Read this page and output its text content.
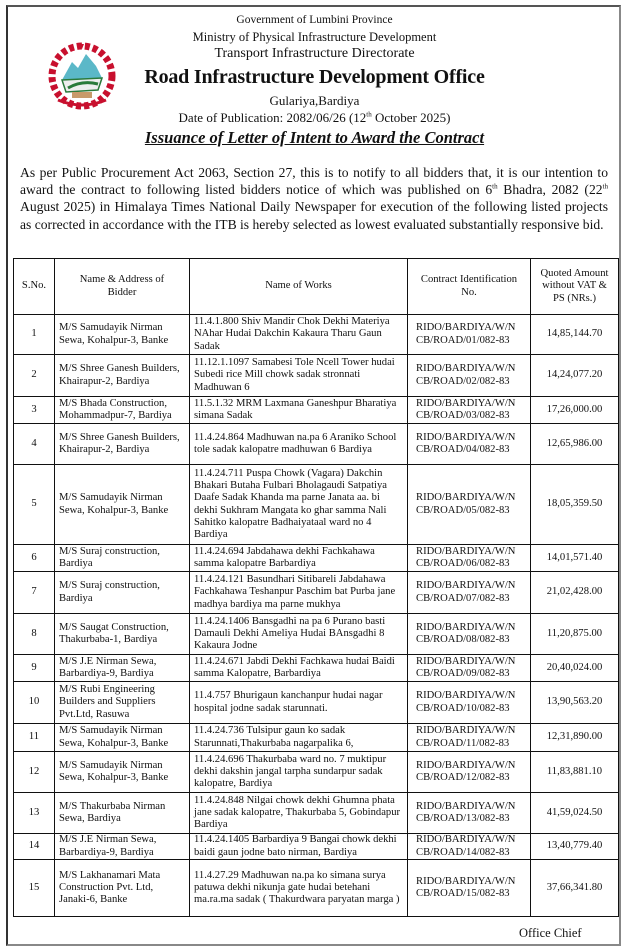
Government of Lumbini Province
Ministry of Physical Infrastructure Development
Transport Infrastructure Directorate
Road Infrastructure Development Office
Gulariya,Bardiya
Date of Publication: 2082/06/26 (12th October 2025)
Issuance of Letter of Intent to Award the Contract
As per Public Procurement Act 2063, Section 27, this is to notify to all bidders that, it is our intention to award the contract to following listed bidders notice of which was published on 6th Bhadra, 2082 (22th August 2025) in Himalaya Times National Daily Newspaper for execution of the following listed projects as corrected in accordance with the ITB is hereby selected as lowest evaluated substantially responsive bid.
S.No.	Name & Address of Bidder	Name of Works	Contract Identification No.	Quoted Amount without VAT & PS (NRs.)
1	M/S Samudayik Nirman Sewa, Kohalpur-3, Banke	11.4.1.800 Shiv Mandir Chok Dekhi Materiya NAhar Hudai Dakchin Kakaura Tharu Gaun Sadak	RIDO/BARDIYA/W/N CB/ROAD/01/082-83	14,85,144.70
2	M/S Shree Ganesh Builders, Khairapur-2, Bardiya	11.12.1.1097 Samabesi Tole Ncell Tower hudai Subedi rice Mill chowk sadak stronnati Madhuwan 6	RIDO/BARDIYA/W/N CB/ROAD/02/082-83	14,24,077.20
3	M/S Bhada Construction, Mohammadpur-7, Bardiya	11.5.1.32 MRM Laxmana Ganeshpur Bharatiya simana Sadak	RIDO/BARDIYA/W/N CB/ROAD/03/082-83	17,26,000.00
4	M/S Shree Ganesh Builders, Khairapur-2, Bardiya	11.4.24.864 Madhuwan na.pa 6 Araniko School tole sadak kalopatre madhuwan 6 Bardiya	RIDO/BARDIYA/W/N CB/ROAD/04/082-83	12,65,986.00
5	M/S Samudayik Nirman Sewa, Kohalpur-3, Banke	11.4.24.711 Puspa Chowk (Vagara) Dakchin Bhakari Butaha Fulbari Bholagaudi Satpatiya Daafe Sadak Khanda ma parne Janata aa. bi dekhi Sukhram Mangata ko ghar samma Nali Sahitko kalopatre Badhaiyataal ward no 4 Bardiya	RIDO/BARDIYA/W/N CB/ROAD/05/082-83	18,05,359.50
6	M/S Suraj construction, Bardiya	11.4.24.694 Jabdahawa dekhi Fachkahawa samma kalopatre Barbardiya	RIDO/BARDIYA/W/N CB/ROAD/06/082-83	14,01,571.40
7	M/S Suraj construction, Bardiya	11.4.24.121 Basundhari Sitibareli Jabdahawa Fachkahawa Teshanpur Paschim bat Purba jane madhya bardiya ma parne mukhya	RIDO/BARDIYA/W/N CB/ROAD/07/082-83	21,02,428.00
8	M/S Saugat Construction, Thakurbaba-1, Bardiya	11.4.24.1406 Bansgadhi na pa 6 Purano basti Damauli Dekhi Ameliya Hudai BAnsgadhi 8 Kakaura Jodne	RIDO/BARDIYA/W/N CB/ROAD/08/082-83	11,20,875.00
9	M/S J.E Nirman Sewa, Barbardiya-9, Bardiya	11.4.24.671 Jabdi Dekhi Fachkawa hudai Baidi samma Kalopatre, Barbardiya	RIDO/BARDIYA/W/N CB/ROAD/09/082-83	20,40,024.00
10	M/S Rubi Engineering Builders and Suppliers Pvt.Ltd, Rasuwa	11.4.757 Bhurigaun kanchanpur hudai nagar hospital jodne sadak starunnati.	RIDO/BARDIYA/W/N CB/ROAD/10/082-83	13,90,563.20
11	M/S Samudayik Nirman Sewa, Kohalpur-3, Banke	11.4.24.736 Tulsipur gaun ko sadak Starunnati,Thakurbaba nagarpalika 6,	RIDO/BARDIYA/W/N CB/ROAD/11/082-83	12,31,890.00
12	M/S Samudayik Nirman Sewa, Kohalpur-3, Banke	11.4.24.696 Thakurbaba ward no. 7 muktipur dekhi dakshin jangal tarpha sundarpur sadak kalopatre, Bardiya	RIDO/BARDIYA/W/N CB/ROAD/12/082-83	11,83,881.10
13	M/S Thakurbaba Nirman Sewa, Bardiya	11.4.24.848 Nilgai chowk dekhi Ghumna phata jane sadak kalopatre, Thakurbaba 5, Gobindapur Bardiya	RIDO/BARDIYA/W/N CB/ROAD/13/082-83	41,59,024.50
14	M/S J.E Nirman Sewa, Barbardiya-9, Bardiya	11.4.24.1405 Barbardiya 9 Bangai chowk dekhi baidi gaun jodne bato nirman, Bardiya	RIDO/BARDIYA/W/N CB/ROAD/14/082-83	13,40,779.40
15	M/S Lakhanamari Mata Construction Pvt. Ltd, Janaki-6, Banke	11.4.27.29 Madhuwan na.pa ko simana surya patuwa dekhi nikunja gate hudai betehani ma.ra.ma sadak ( Thakurdwara paryatan marga )	RIDO/BARDIYA/W/N CB/ROAD/15/082-83	37,66,341.80
Office Chief
